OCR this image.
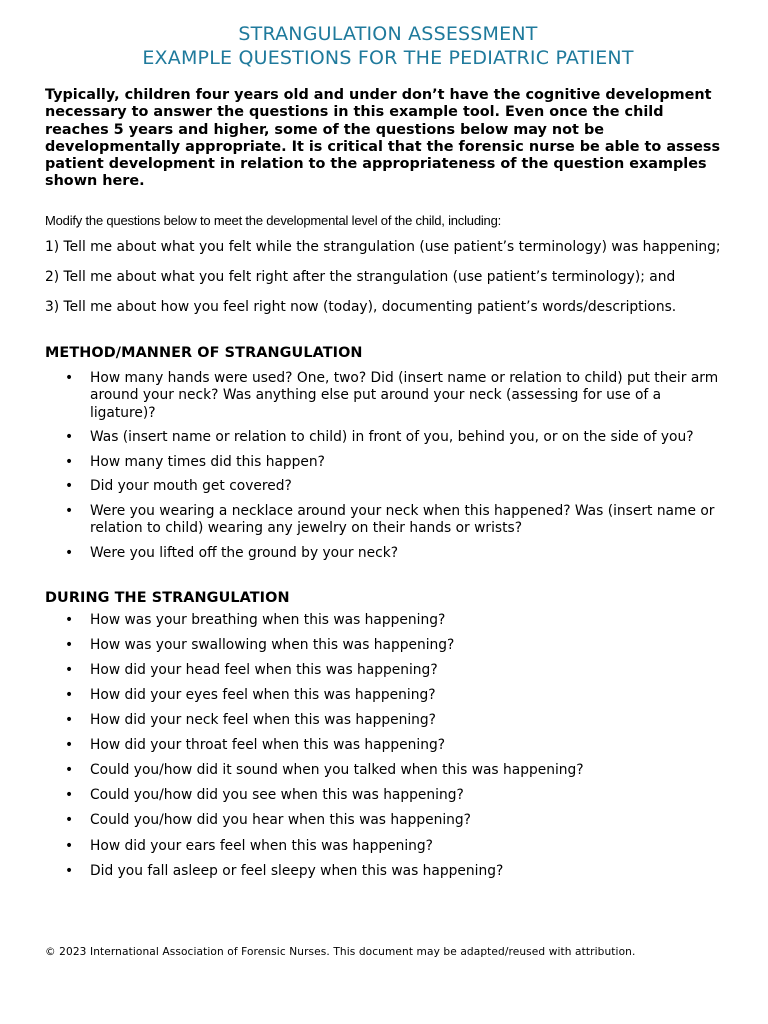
STRANGULATION ASSESSMENT
EXAMPLE QUESTIONS FOR THE PEDIATRIC PATIENT

Typically, children four years old and under don’t have the cognitive development necessary to answer the questions in this example tool. Even once the child reaches 5 years and higher, some of the questions below may not be developmentally appropriate. It is critical that the forensic nurse be able to assess patient development in relation to the appropriateness of the question examples shown here.

Modify the questions below to meet the developmental level of the child, including:

1) Tell me about what you felt while the strangulation (use patient’s terminology) was happening;
2) Tell me about what you felt right after the strangulation (use patient’s terminology); and
3) Tell me about how you feel right now (today), documenting patient’s words/descriptions.
METHOD/MANNER OF STRANGULATION
• How many hands were used? One, two? Did (insert name or relation to child) put their arm around your neck? Was anything else put around your neck (assessing for use of a ligature)?
• Was (insert name or relation to child) in front of you, behind you, or on the side of you?
• How many times did this happen?
• Did your mouth get covered?
• Were you wearing a necklace around your neck when this happened? Was (insert name or relation to child) wearing any jewelry on their hands or wrists?
• Were you lifted off the ground by your neck?
DURING THE STRANGULATION
• How was your breathing when this was happening?
• How was your swallowing when this was happening?
• How did your head feel when this was happening?
• How did your eyes feel when this was happening?
• How did your neck feel when this was happening?
• How did your throat feel when this was happening?
• Could you/how did it sound when you talked when this was happening?
• Could you/how did you see when this was happening?
• Could you/how did you hear when this was happening?
• How did your ears feel when this was happening?
• Did you fall asleep or feel sleepy when this was happening?
© 2023 International Association of Forensic Nurses. This document may be adapted/reused with attribution.
